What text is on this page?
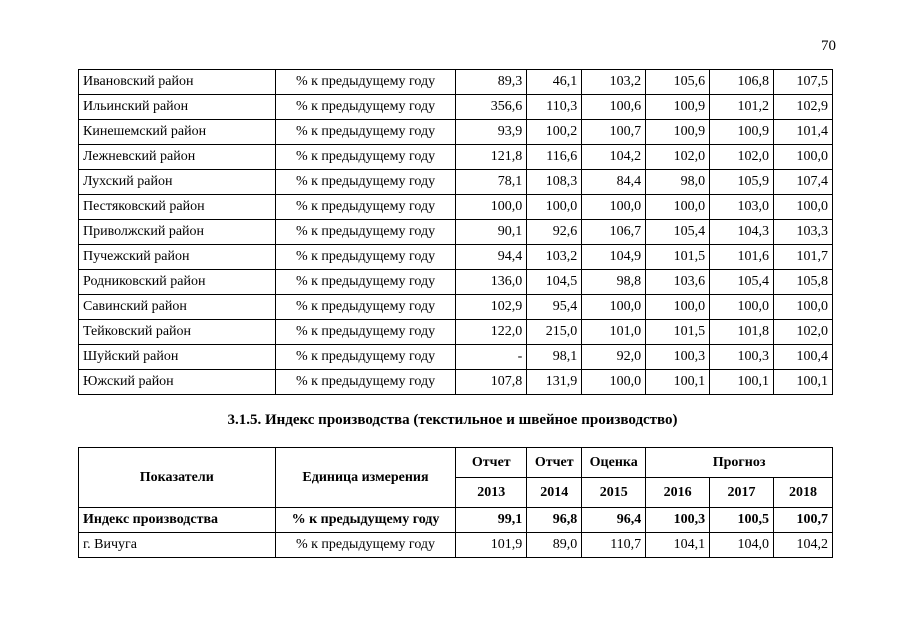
70
Ивановский район	% к предыдущему году	89,3	46,1	103,2	105,6	106,8	107,5
Ильинский район	% к предыдущему году	356,6	110,3	100,6	100,9	101,2	102,9
Кинешемский район	% к предыдущему году	93,9	100,2	100,7	100,9	100,9	101,4
Лежневский район	% к предыдущему году	121,8	116,6	104,2	102,0	102,0	100,0
Лухский район	% к предыдущему году	78,1	108,3	84,4	98,0	105,9	107,4
Пестяковский район	% к предыдущему году	100,0	100,0	100,0	100,0	103,0	100,0
Приволжский район	% к предыдущему году	90,1	92,6	106,7	105,4	104,3	103,3
Пучежский район	% к предыдущему году	94,4	103,2	104,9	101,5	101,6	101,7
Родниковский район	% к предыдущему году	136,0	104,5	98,8	103,6	105,4	105,8
Савинский район	% к предыдущему году	102,9	95,4	100,0	100,0	100,0	100,0
Тейковский район	% к предыдущему году	122,0	215,0	101,0	101,5	101,8	102,0
Шуйский район	% к предыдущему году	-	98,1	92,0	100,3	100,3	100,4
Южский район	% к предыдущему году	107,8	131,9	100,0	100,1	100,1	100,1
3.1.5. Индекс производства (текстильное и швейное производство)
Показатели	Единица измерения	Отчет	Отчет	Оценка	Прогноз		
		2013	2014	2015	2016	2017	2018
Индекс производства	% к предыдущему году	99,1	96,8	96,4	100,3	100,5	100,7
г. Вичуга	% к предыдущему году	101,9	89,0	110,7	104,1	104,0	104,2
